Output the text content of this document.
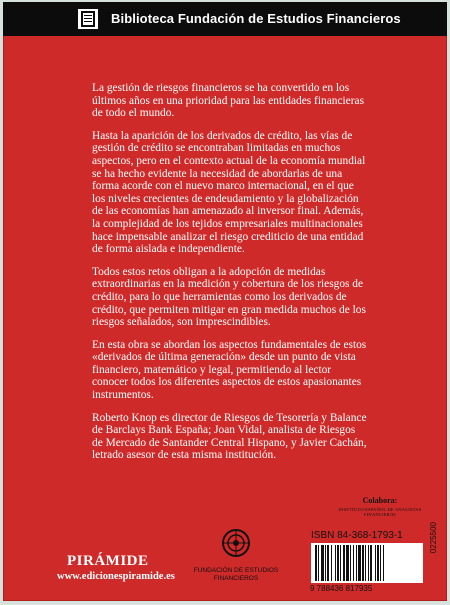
Biblioteca Fundación de Estudios Financieros

La gestión de riesgos financieros se ha convertido en los últimos años en una prioridad para las entidades financieras de todo el mundo.

Hasta la aparición de los derivados de crédito, las vías de gestión de crédito se encontraban limitadas en muchos aspectos, pero en el contexto actual de la economía mundial se ha hecho evidente la necesidad de abordarlas de una forma acorde con el nuevo marco internacional, en el que los niveles crecientes de endeudamiento y la globalización de las economías han amenazado al inversor final. Además, la complejidad de los tejidos empresariales multinacionales hace impensable analizar el riesgo crediticio de una entidad de forma aislada e independiente.

Todos estos retos obligan a la adopción de medidas extraordinarias en la medición y cobertura de los riesgos de crédito, para lo que herramientas como los derivados de crédito, que permiten mitigar en gran medida muchos de los riesgos señalados, son imprescindibles.

En esta obra se abordan los aspectos fundamentales de estos «derivados de última generación» desde un punto de vista financiero, matemático y legal, permitiendo al lector conocer todos los diferentes aspectos de estos apasionantes instrumentos.

Roberto Knop es director de Riesgos de Tesorería y Balance de Barclays Bank España; Joan Vidal, analista de Riesgos de Mercado de Santander Central Hispano, y Javier Cachán, letrado asesor de esta misma institución.

Colabora:
INSTITUTO ESPAÑOL DE ANALISTAS FINANCIEROS
ISBN 84-368-1793-1
9 788436 817935
0225500
FUNDACIÓN DE ESTUDIOS FINANCIEROS
PIRÁMIDE
www.edicionespiramide.es
